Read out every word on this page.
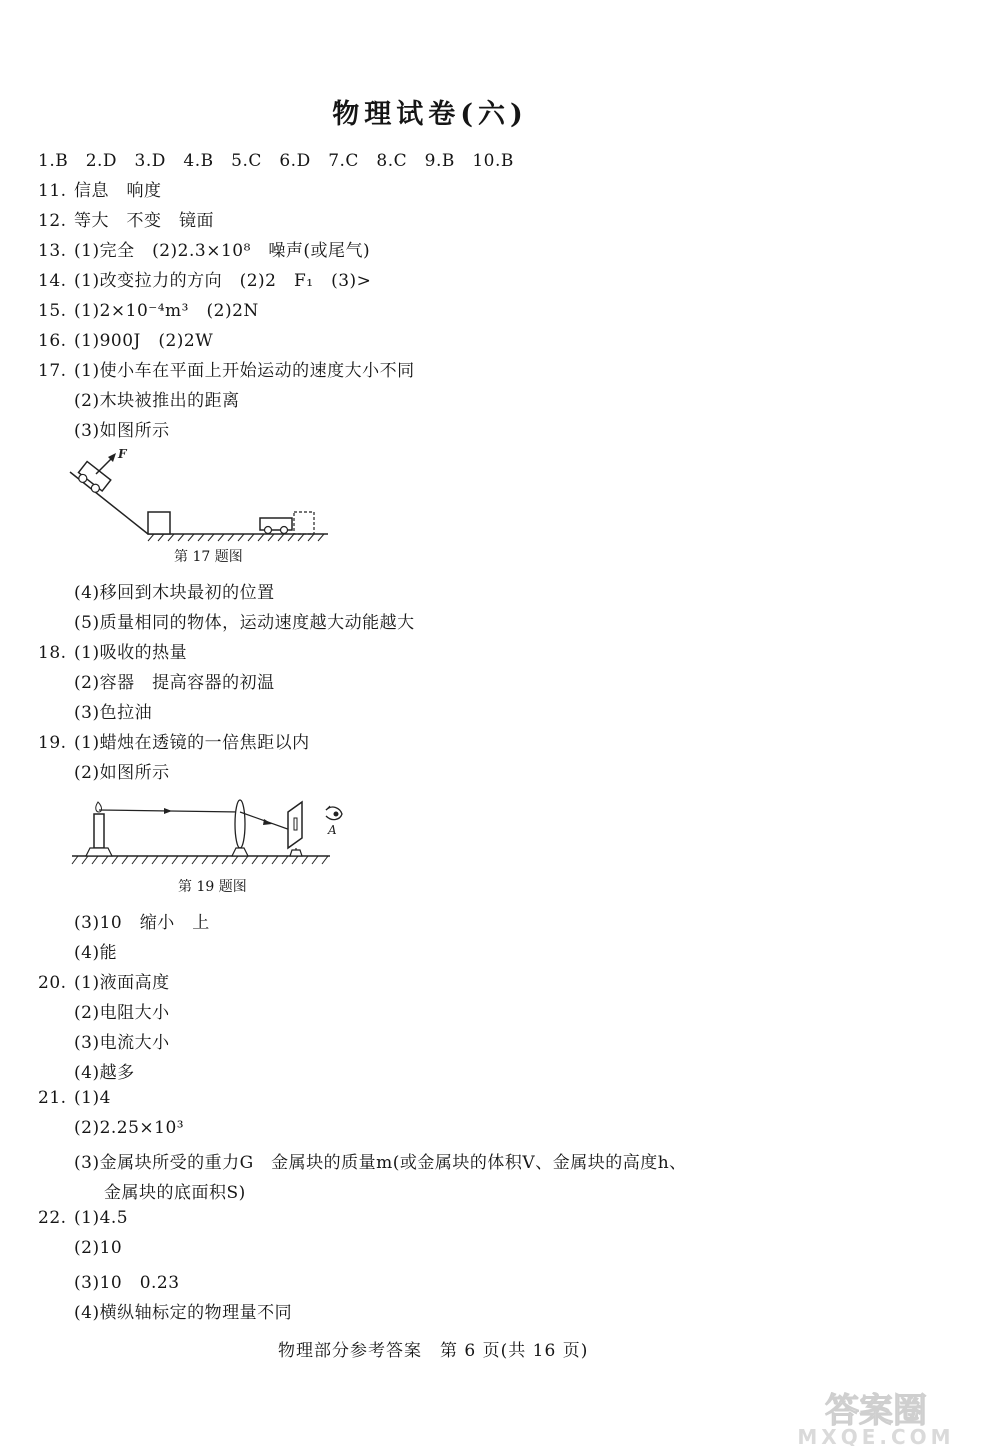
物理试卷(六)
1.B　2.D　3.D　4.B　5.C　6.D　7.C　8.C　9.B　10.B
11. 信息　响度
12. 等大　不变　镜面
13. (1)完全　(2)2.3×10⁸　噪声(或尾气)
14. (1)改变拉力的方向　(2)2　F₁　(3)>
15. (1)2×10⁻⁴m³　(2)2N
16. (1)900J　(2)2W
17. (1)使小车在平面上开始运动的速度大小不同
(2)木块被推出的距离
(3)如图所示
F
第 17 题图
(4)移回到木块最初的位置
(5)质量相同的物体，运动速度越大动能越大
18. (1)吸收的热量
(2)容器　提高容器的初温
(3)色拉油
19. (1)蜡烛在透镜的一倍焦距以内
(2)如图所示
A
第 19 题图
(3)10　缩小　上
(4)能
20. (1)液面高度
(2)电阻大小
(3)电流大小
(4)越多
21. (1)4
(2)2.25×10³
(3)金属块所受的重力G　金属块的质量m(或金属块的体积V、金属块的高度h、
金属块的底面积S)
22. (1)4.5
(2)10
(3)10　0.23
(4)横纵轴标定的物理量不同
物理部分参考答案　第 6 页(共 16 页)
答案圈
MXQE.COM
